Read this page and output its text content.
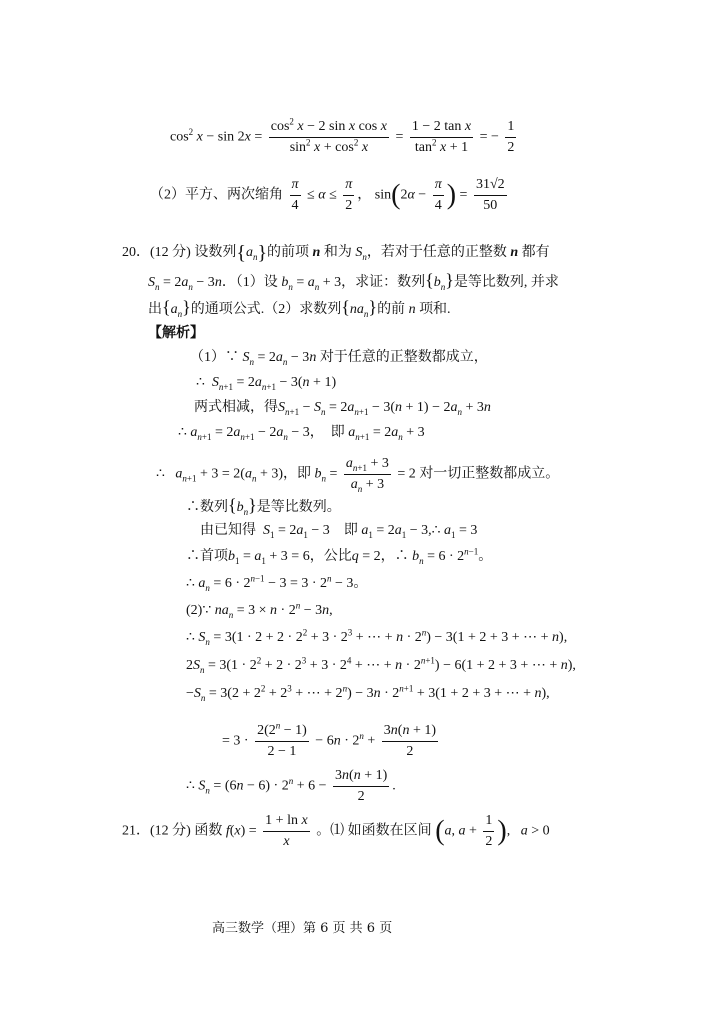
$\cos^2 x - \sin 2x = \frac{\cos^2 x - 2 \sin x \cos x}{\sin^2 x + \cos^2 x} = \frac{\text{1 − 2 tan x}}{\tan^2 x + 1}$ = − $\frac{1}{2}$
（2）平方、两次缩角 $\frac{\pi}{4} \le \alpha \le \frac{\pi}{2}$ ， $\sin(2\alpha - \frac{\pi}{4}$ ) = $\frac{31√2}{50}$
20．(12 分) 设数列$\{a_n\}$的前项 n 和为 $S_n$，若对于任意的正整数 n 都有
$S_n = 2a_n - 3n$．（1）设 $b_n = a_n + 3$，求证：数列$\{b_n\}$是等比数列, 并求
出$\{a_n\}$的通项公式.（2）求数列$\{na_n\}$的前 n 项和.
【解析】
（1）∵ $S_n = 2a_n - 3n$ 对于任意的正整数都成立，
∴  $S_{n+1} = 2a_{n+1} - 3(n + 1)$
两式相减，得$S_{n+1} - S_n = 2a_{n+1} - 3(n + 1) - 2a_n + 3n$
∴ $a_{n+1} = 2a_{n+1} - 2a_n - 3$，  即 $a_{n+1} = 2a_n + 3$
∴   $a_{n+1} + 3 = 2(a_n + 3)$，即 $b_n = \frac{a_{n+1} + 3}{a_n + 3} = 2$ 对一切正整数都成立。
∴数列$\{b_n\}$是等比数列。
由已知得 $S_1 = 2a_1 - 3$    即 $a_1 = 2a_1$ − 3,∴ $a_1 = 3$
∴首项$b_1 = a_1 + 3 = 6$，公比q = 2，∴ $b_n = 6 \cdot 2^{n-1}$。
∴ $a_n = 6 \cdot 2^{n-1} - 3 = 3 \cdot 2^n - 3$。
(2)∵ $na_n = 3 \times n \cdot 2^n - 3n$,
∴ $S_n = 3(1 \cdot 2 + 2 \cdot 2^2 + 3 \cdot 2^3$ + ⋯ + $n \cdot 2^n) - 3(1 + 2 + 3$ + ⋯ + n),
$2S_n = 3(1 \cdot 2^2 + 2 \cdot 2^3 + 3 \cdot 2^4$ + ⋯ + $n \cdot 2^{n+1}) - 6(1 + 2 + 3$ + ⋯ + n),
$-S_n = 3(2 + 2^2 + 2^3$ + ⋯ + $2^n) - 3n \cdot 2^{n+1} + 3(1 + 2 + 3$ + ⋯ + n),
= $3 \cdot \frac{2(2^n - 1)}{2 - 1} - 6n \cdot 2^n + \frac{3n(n + 1)}{2}$
∴ $S_n = (6n - 6) \cdot 2^n + 6 - \frac{3n(n + 1)}{2}$ .
21．(12 分) 函数 $f(x) = \frac{\text{1 + ln x}}{x}$ 。⑴ 如函数在区间 (a, $a + \frac{1}{2}$ ),   a > 0
高三数学（理）第 6 页 共 6 页
